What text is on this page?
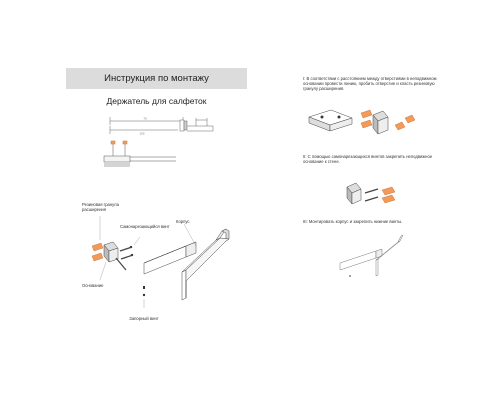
Инструкция по монтажу
Держатель для салфеток
70
155
Резиновая гранула расширения
Самонарезающийся винт
Корпус
Основание
Запорный винт
I: В соответствии с расстоянием между отверстиями в неподвижном основании провести линию, пробить отверстие и класть резиновую гранулу расширения.
II: С помощью самонарезающихся винтов закрепить неподвижное основание к стене.
III: Монтировать корпус и закрепить нижние винты.
